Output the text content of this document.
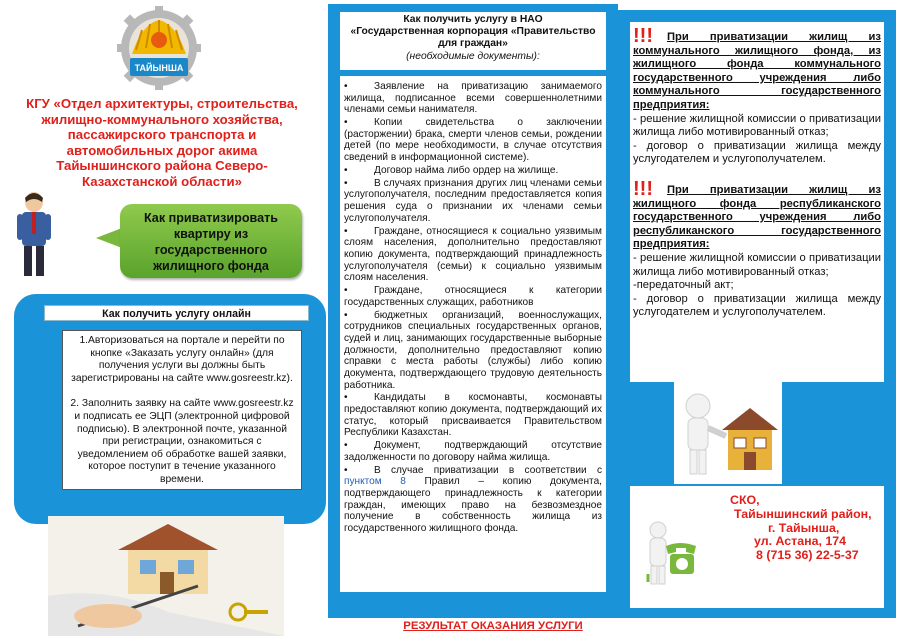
ТАЙЫНША
КГУ «Отдел архитектуры, строительства, жилищно-коммунального хозяйства, пассажирского транспорта и автомобильных дорог акима Тайыншинского района Северо-Казахстанской области»
Как приватизировать квартиру из государственного жилищного фонда
Как получить услугу онлайн

1.Авторизоваться на портале и перейти по кнопке «Заказать услугу онлайн» (для получения услуги вы должны быть зарегистрированы на сайте www.gosreestr.kz).

2. Заполнить заявку на сайте www.gosreestr.kz и подписать ее ЭЦП (электронной цифровой подписью). В электронной почте, указанной при регистрации, ознакомиться с уведомлением об обработке вашей заявки, которое поступит в течение указанного времени.

Как получить услугу в НАО
«Государственная корпорация «Правительство для граждан»
(необходимые документы):
•	Заявление на приватизацию занимаемого жилища, подписанное всеми совершеннолетними членами семьи нанимателя.
•	Копии свидетельства о заключении (расторжении) брака, смерти членов семьи, рождении детей (по мере необходимости, в случае отсутствия сведений в информационной системе).
•	Договор найма либо ордер на жилище.
•	В случаях признания других лиц членами семьи услугополучателя, последним предоставляется копия решения суда о признании их членами семьи услугополучателя.
•	Граждане, относящиеся к социально уязвимым слоям населения, дополнительно предоставляют копию документа, подтверждающий принадлежность услугополучателя (семьи) к социально уязвимым слоям населения.
•	Граждане, относящиеся к категории государственных служащих, работников
•	бюджетных организаций, военнослужащих, сотрудников специальных государственных органов, судей и лиц, занимающих государственные выборные должности, дополнительно предоставляют копию справки с места работы (службы) либо копию документа, подтверждающего трудовую деятельность работника.
•	Кандидаты в космонавты, космонавты предоставляют копию документа, подтверждающий их статус, который присваивается Правительством Республики Казахстан.
•	Документ, подтверждающий отсутствие задолженности по договору найма жилища.
•	В случае приватизации в соответствии с пунктом 8 Правил – копию документа, подтверждающего принадлежность к категории граждан, имеющих право на безвозмездное получение в собственность жилища из государственного жилищного фонда.
РЕЗУЛЬТАТ ОКАЗАНИЯ УСЛУГИ
!!! При приватизации жилищ из коммунального жилищного фонда, из жилищного фонда коммунального государственного учреждения либо коммунального государственного предприятия:
- решение жилищной комиссии о приватизации жилища либо мотивированный отказ;
- договор о приватизации жилища между услугодателем и услугополучателем.
!!! При приватизации жилищ из жилищного фонда республиканского государственного учреждения либо республиканского государственного предприятия:
- решение жилищной комиссии о приватизации жилища либо мотивированный отказ;
-передаточный акт;
- договор о приватизации жилища между услугодателем и услугополучателем.
СКО,
Тайыншинский район,
г. Тайынша,
ул. Астана, 174
8 (715 36) 22-5-37
